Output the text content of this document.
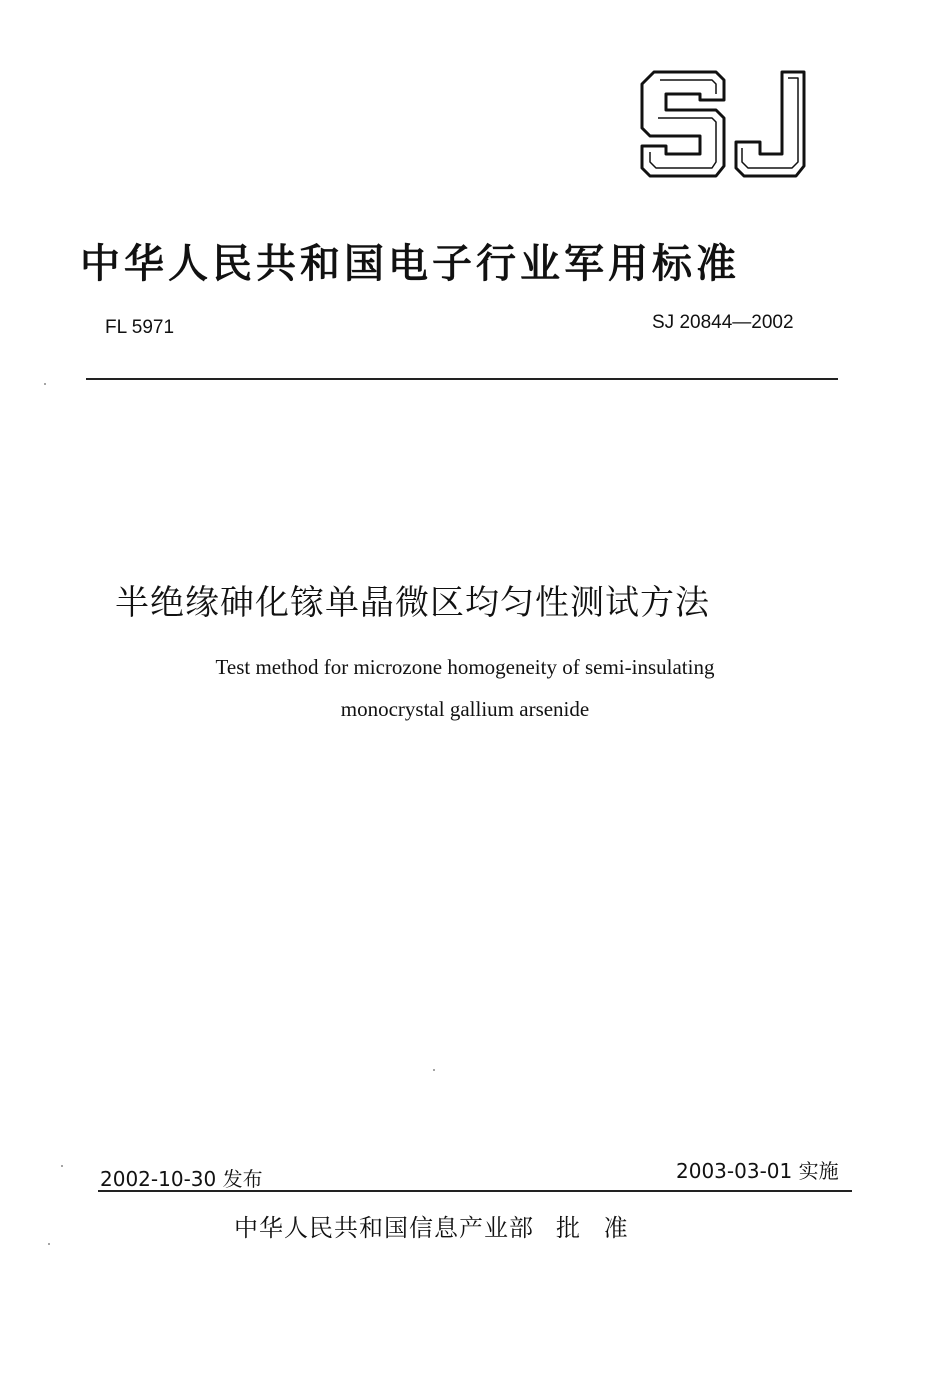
中华人民共和国电子行业军用标准
FL 5971	SJ 20844—2002
半绝缘砷化镓单晶微区均匀性测试方法
Test method for microzone homogeneity of semi-insulating
monocrystal gallium arsenide
2002-10-30 发布	2003-03-01 实施
中华人民共和国信息产业部 批 准
